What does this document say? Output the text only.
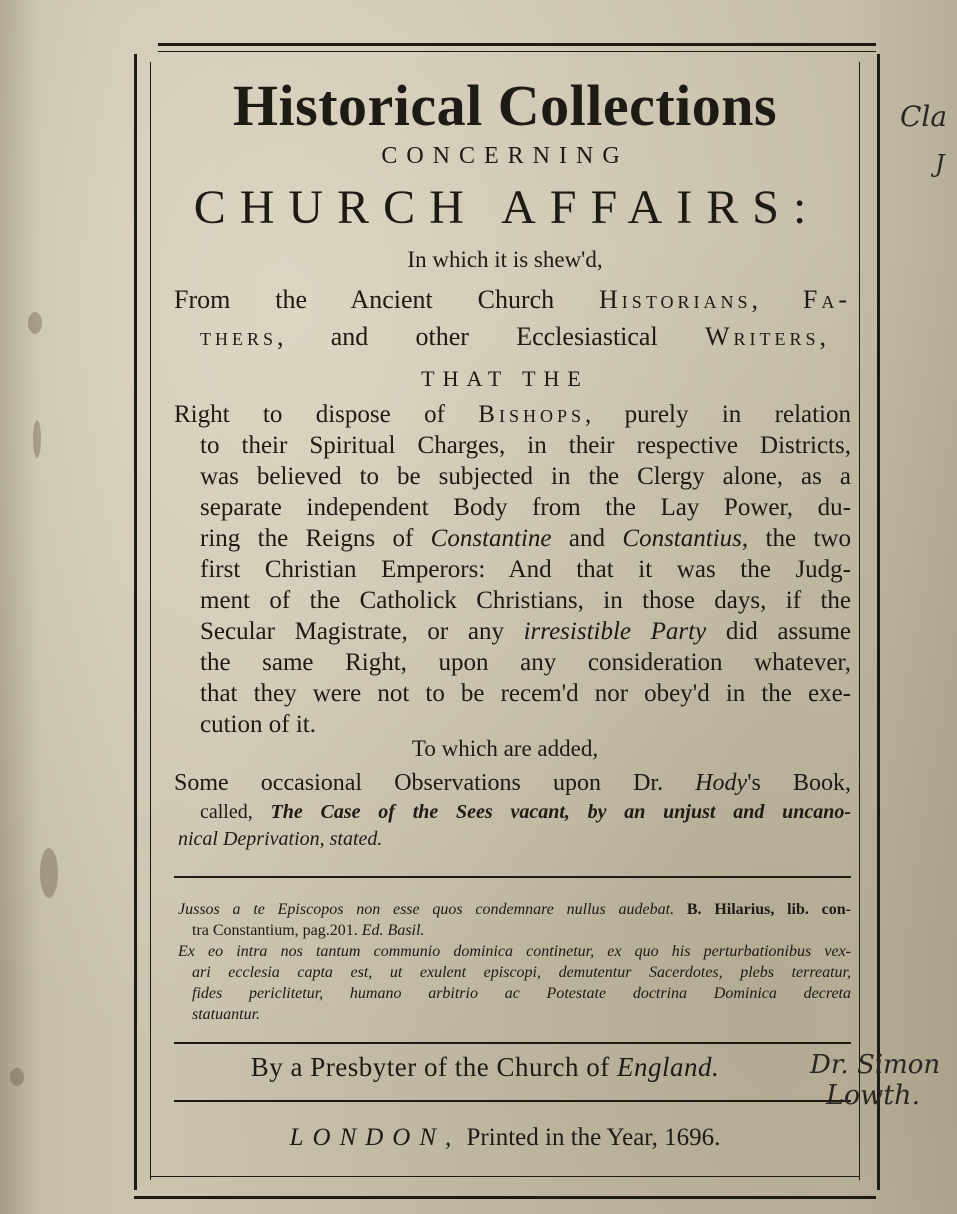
Historical Collections
CONCERNING
CHURCH AFFAIRS:
In which it is shew'd,
From the Ancient Church Historians, Fa-
thers, and other Ecclesiastical Writers,
THAT THE
Right to dispose of Bishops, purely in relation
to their Spiritual Charges, in their respective Districts,
was believed to be subjected in the Clergy alone, as a
separate independent Body from the Lay Power, du-
ring the Reigns of Constantine and Constantius, the two
first Christian Emperors: And that it was the Judg-
ment of the Catholick Christians, in those days, if the
Secular Magistrate, or any irresistible Party did assume
the same Right, upon any consideration whatever,
that they were not to be recem'd nor obey'd in the exe-
cution of it.
To which are added,
Some occasional Observations upon Dr. Hody's Book,
called, The Case of the Sees vacant, by an unjust and uncano-
nical Deprivation, stated.
Jussos a te Episcopos non esse quos condemnare nullus audebat. B. Hilarius, lib. con-
tra Constantium, pag.201. Ed. Basil.
Ex eo intra nos tantum communio dominica continetur, ex quo his perturbationibus vex-
ari ecclesia capta est, ut exulent episcopi, demutentur Sacerdotes, plebs terreatur,
fides periclitetur, humano arbitrio ac Potestate doctrina Dominica decreta
statuantur.
By a Presbyter of the Church of England.
LONDON, Printed in the Year, 1696.
Cla
J
Dr. Simon
Lowth.
